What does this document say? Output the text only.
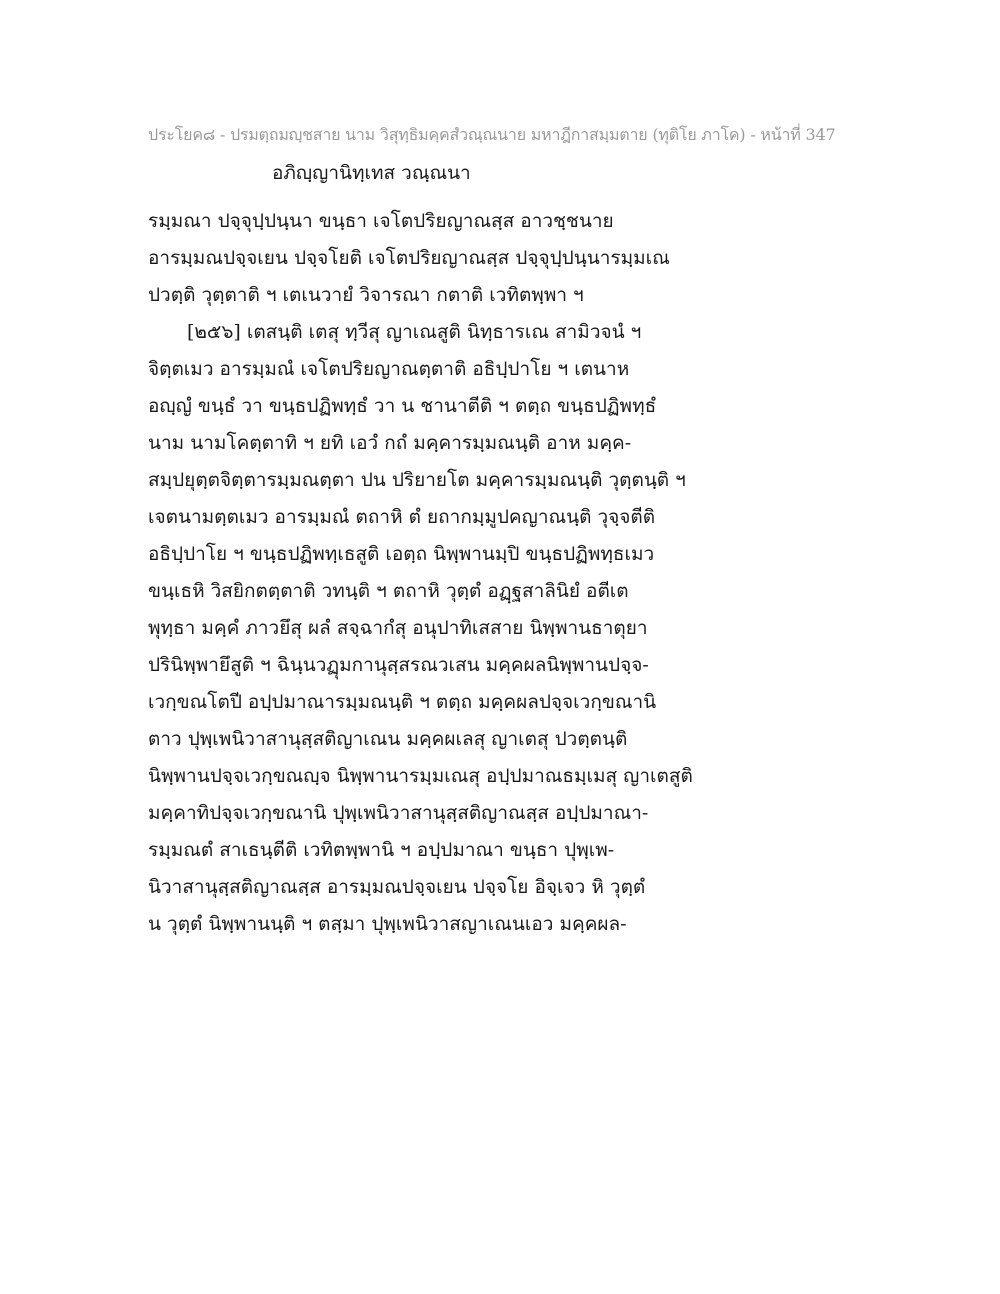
ประโยค๘ - ปรมตฺถมญฺชสาย นาม วิสุทฺธิมคฺคสํวณฺณนาย มหาฎีกาสมฺมตาย (ทุติโย ภาโค) - หน้าที่ 347
อภิญฺญานิทฺเทส วณฺณนา
รมฺมณา ปจฺจุปฺปนฺนา ขนฺธา เจโตปริยญาณสฺส อาวชฺชนาย
อารมฺมณปจฺจเยน ปจฺจโยติ เจโตปริยญาณสฺส ปจฺจุปฺปนฺนารมฺมเณ
ปวตฺติ วุตฺตาติ ฯ เตเนวายํ วิจารณา กตาติ เวทิตพฺพา ฯ
[๒๕๖] เตสนฺติ เตสุ ทฺวีสุ ญาเณสูติ นิทฺธารเณ สามิวจนํ ฯ
จิตฺตเมว อารมฺมณํ เจโตปริยญาณตฺตาติ อธิปฺปาโย ฯ เตนาห
อญฺญํ ขนฺธํ วา ขนฺธปฏิพทฺธํ วา น ชานาตีติ ฯ ตตฺถ ขนฺธปฏิพทฺธํ
นาม นามโคตฺตาทิ ฯ ยทิ เอวํ กถํ มคฺคารมฺมณนฺติ อาห มคฺค-
สมฺปยุตฺตจิตฺตารมฺมณตฺตา ปน ปริยายโต มคฺคารมฺมณนฺติ วุตฺตนฺติ ฯ
เจตนามตฺตเมว อารมฺมณํ ตถาหิ ตํ ยถากมฺมูปคญาณนฺติ วุจฺจตีติ
อธิปฺปาโย ฯ ขนฺธปฏิพทฺเธสูติ เอตฺถ นิพฺพานมฺปิ ขนฺธปฏิพทฺธเมว
ขนฺเธหิ วิสยิกตตฺตาติ วทนฺติ ฯ ตถาหิ วุตฺตํ อฏฺฐสาลินิยํ อตีเต
พุทฺธา มคฺคํ ภาวยึสุ ผลํ สจฺฉากํสุ อนุปาทิเสสาย นิพฺพานธาตุยา
ปรินิพฺพายึสูติ ฯ ฉินฺนวฏุมกานุสฺสรณวเสน มคฺคผลนิพฺพานปจฺจ-
เวกฺขณโตปี อปฺปมาณารมฺมณนฺติ ฯ ตตฺถ มคฺคผลปจฺจเวกฺขณานิ
ตาว ปุพฺเพนิวาสานุสฺสติญาเณน มคฺคผเลสุ ญาเตสุ ปวตฺตนฺติ
นิพฺพานปจฺจเวกฺขณญฺจ นิพฺพานารมฺมเณสุ อปฺปมาณธมฺเมสุ ญาเตสูติ
มคฺคาทิปจฺจเวกฺขณานิ ปุพฺเพนิวาสานุสฺสติญาณสฺส อปฺปมาณา-
รมฺมณตํ สาเธนฺตีติ เวทิตพฺพานิ ฯ อปฺปมาณา ขนฺธา ปุพฺเพ-
นิวาสานุสฺสติญาณสฺส อารมฺมณปจฺจเยน ปจฺจโย อิจฺเจว หิ วุตฺตํ
น วุตฺตํ นิพฺพานนฺติ ฯ ตสฺมา ปุพฺเพนิวาสญาเณนเอว มคฺคผล-
